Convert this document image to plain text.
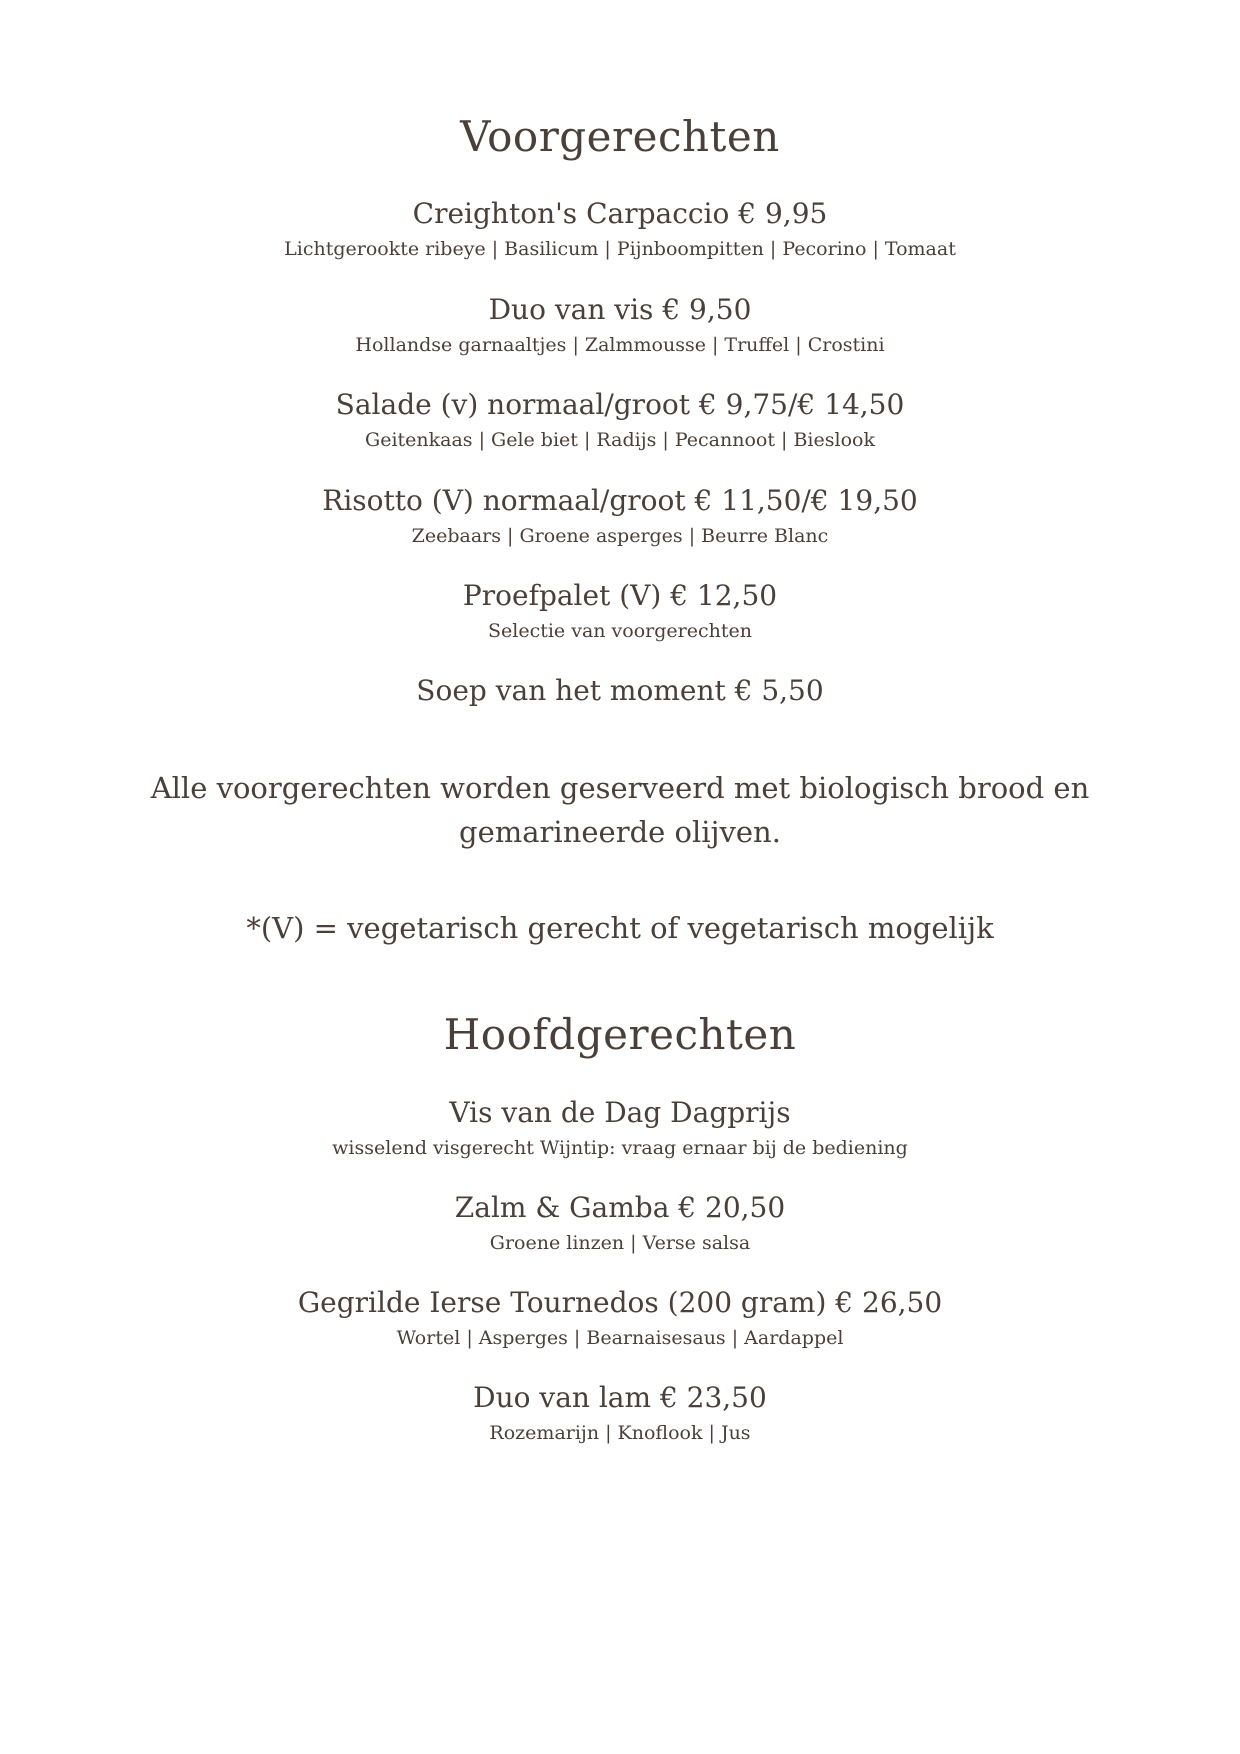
Voorgerechten
Creighton's Carpaccio € 9,95
Lichtgerookte ribeye | Basilicum | Pijnboompitten | Pecorino | Tomaat
Duo van vis € 9,50
Hollandse garnaaltjes | Zalmmousse | Truffel | Crostini
Salade (v) normaal/groot € 9,75/€ 14,50
Geitenkaas | Gele biet | Radijs | Pecannoot | Bieslook
Risotto (V) normaal/groot € 11,50/€ 19,50
Zeebaars | Groene asperges | Beurre Blanc
Proefpalet (V) € 12,50
Selectie van voorgerechten
Soep van het moment € 5,50
Alle voorgerechten worden geserveerd met biologisch brood en gemarineerde olijven.
*(V) = vegetarisch gerecht of vegetarisch mogelijk
Hoofdgerechten
Vis van de Dag Dagprijs
wisselend visgerecht Wijntip: vraag ernaar bij de bediening
Zalm & Gamba € 20,50
Groene linzen | Verse salsa
Gegrilde Ierse Tournedos (200 gram) € 26,50
Wortel | Asperges | Bearnaisesaus | Aardappel
Duo van lam € 23,50
Rozemarijn | Knoflook | Jus
